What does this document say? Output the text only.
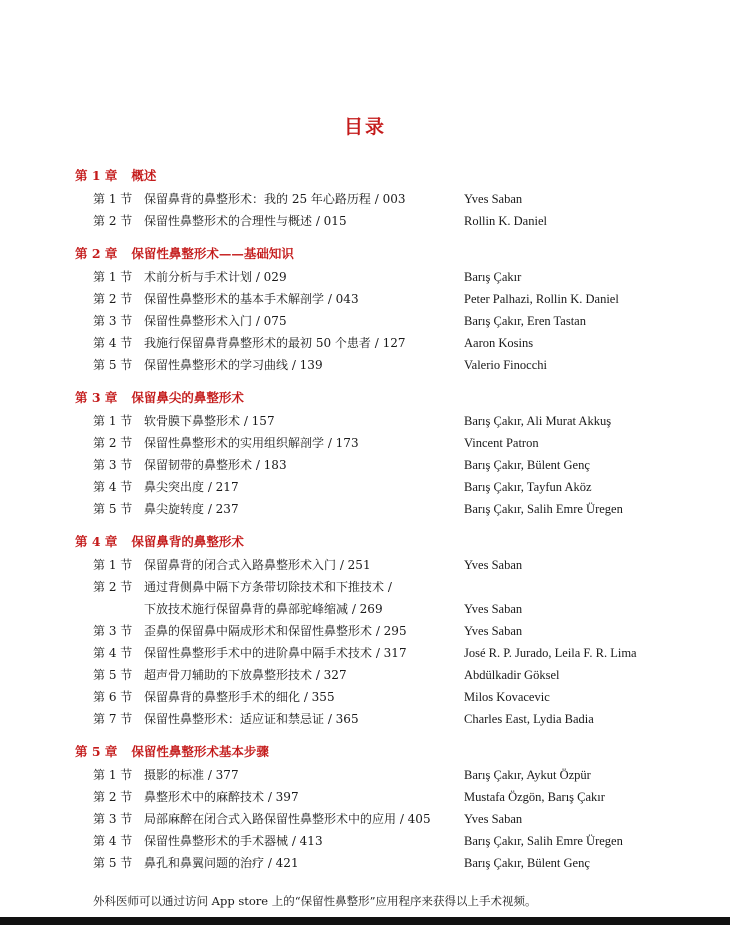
目录
第 1 章 概述
第 1 节 保留鼻背的鼻整形术：我的 25 年心路历程 / 003	Yves Saban
第 2 节 保留性鼻整形术的合理性与概述 / 015	Rollin K. Daniel
第 2 章 保留性鼻整形术——基础知识
第 1 节 术前分析与手术计划 / 029	Barış Çakır
第 2 节 保留性鼻整形术的基本手术解剖学 / 043	Peter Palhazi, Rollin K. Daniel
第 3 节 保留性鼻整形术入门 / 075	Barış Çakır, Eren Tastan
第 4 节 我施行保留鼻背鼻整形术的最初 50 个患者 / 127	Aaron Kosins
第 5 节 保留性鼻整形术的学习曲线 / 139	Valerio Finocchi
第 3 章 保留鼻尖的鼻整形术
第 1 节 软骨膜下鼻整形术 / 157	Barış Çakır, Ali Murat Akkuş
第 2 节 保留性鼻整形术的实用组织解剖学 / 173	Vincent Patron
第 3 节 保留韧带的鼻整形术 / 183	Barış Çakır, Bülent Genç
第 4 节 鼻尖突出度 / 217	Barış Çakır, Tayfun Aköz
第 5 节 鼻尖旋转度 / 237	Barış Çakır, Salih Emre Üregen
第 4 章 保留鼻背的鼻整形术
第 1 节 保留鼻背的闭合式入路鼻整形术入门 / 251	Yves Saban
第 2 节 通过背侧鼻中隔下方条带切除技术和下推技术 /
下放技术施行保留鼻背的鼻部驼峰缩减 / 269	Yves Saban
第 3 节 歪鼻的保留鼻中隔成形术和保留性鼻整形术 / 295	Yves Saban
第 4 节 保留性鼻整形手术中的进阶鼻中隔手术技术 / 317	José R. P. Jurado, Leila F. R. Lima
第 5 节 超声骨刀辅助的下放鼻整形技术 / 327	Abdülkadir Göksel
第 6 节 保留鼻背的鼻整形手术的细化 / 355	Milos Kovacevic
第 7 节 保留性鼻整形术：适应证和禁忌证 / 365	Charles East, Lydia Badia
第 5 章 保留性鼻整形术基本步骤
第 1 节 摄影的标准 / 377	Barış Çakır, Aykut Özpür
第 2 节 鼻整形术中的麻醉技术 / 397	Mustafa Özgön, Barış Çakır
第 3 节 局部麻醉在闭合式入路保留性鼻整形术中的应用 / 405	Yves Saban
第 4 节 保留性鼻整形术的手术器械 / 413	Barış Çakır, Salih Emre Üregen
第 5 节 鼻孔和鼻翼问题的治疗 / 421	Barış Çakır, Bülent Genç
外科医师可以通过访问 App store 上的“保留性鼻整形”应用程序来获得以上手术视频。
